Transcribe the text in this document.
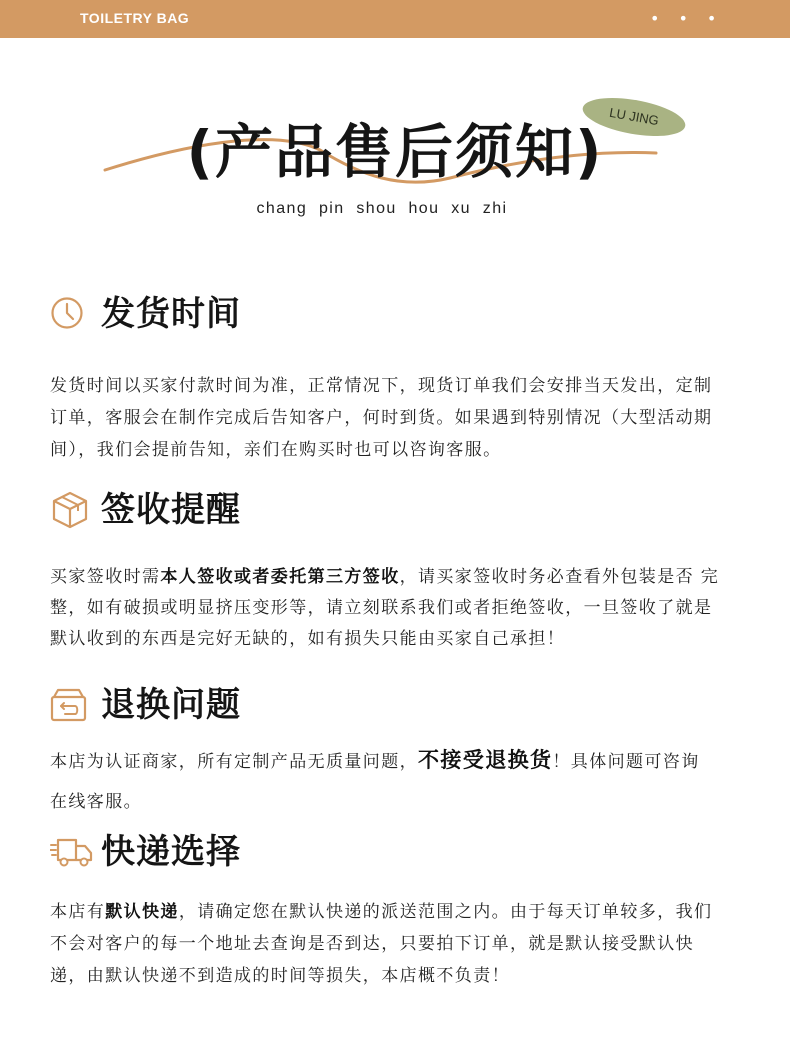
TOILETRY BAG	•••
LU JING
(产品售后须知)
chang pin shou hou xu zhi
发货时间
发货时间以买家付款时间为准，正常情况下，现货订单我们会安排当天发出，定制
订单，客服会在制作完成后告知客户，何时到货。如果遇到特别情况（大型活动期
间），我们会提前告知，亲们在购买时也可以咨询客服。
签收提醒
买家签收时需本人签收或者委托第三方签收，请买家签收时务必查看外包装是否 完
整，如有破损或明显挤压变形等，请立刻联系我们或者拒绝签收，一旦签收了就是
默认收到的东西是完好无缺的，如有损失只能由买家自己承担！
退换问题
本店为认证商家，所有定制产品无质量问题，不接受退换货！具体问题可咨询
在线客服。
快递选择
本店有默认快递，请确定您在默认快递的派送范围之内。由于每天订单较多，我们
不会对客户的每一个地址去查询是否到达，只要拍下订单，就是默认接受默认快
递，由默认快递不到造成的时间等损失，本店概不负责！
